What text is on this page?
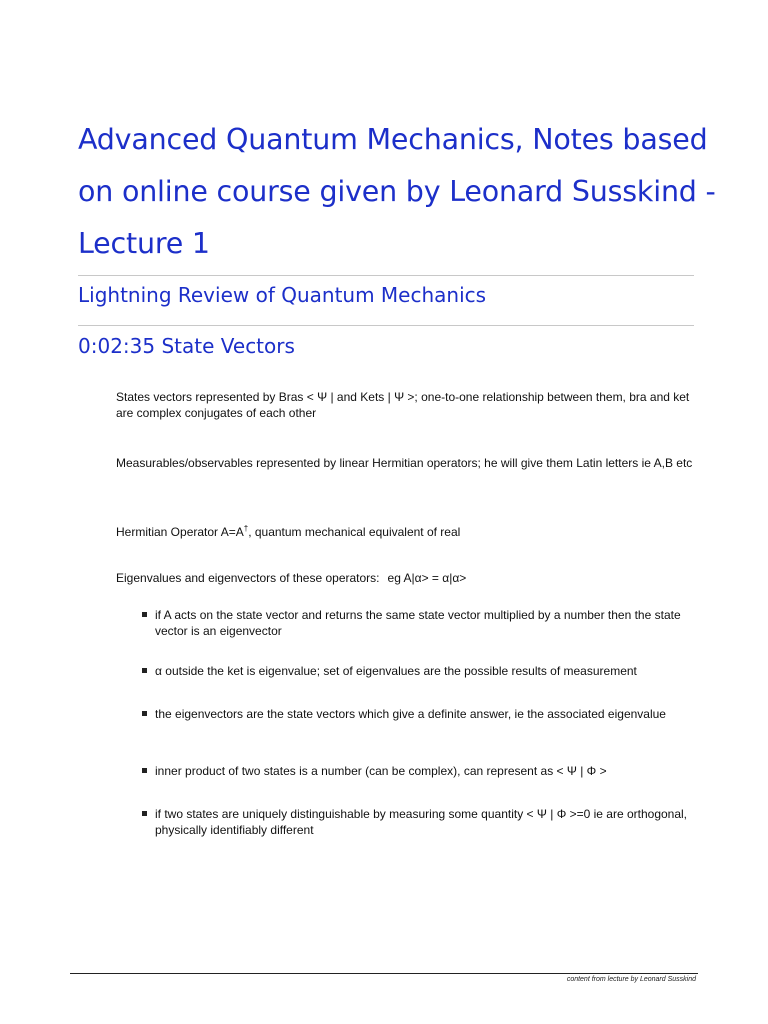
Advanced Quantum Mechanics, Notes based on online course given by Leonard Susskind - Lecture 1
Lightning Review of Quantum Mechanics
0:02:35 State Vectors

States vectors represented by Bras < Ψ | and Kets | Ψ >; one-to-one relationship between them, bra and ket are complex conjugates of each other

Measurables/observables represented by linear Hermitian operators; he will give them Latin letters ie A,B etc

Hermitian Operator A=A†, quantum mechanical equivalent of real

Eigenvalues and eigenvectors of these operators: eg A|α> = α|α>

if A acts on the state vector and returns the same state vector multiplied by a number then the state vector is an eigenvector
α outside the ket is eigenvalue; set of eigenvalues are the possible results of measurement
the eigenvectors are the state vectors which give a definite answer, ie the associated eigenvalue
inner product of two states is a number (can be complex), can represent as < Ψ | Φ >
if two states are uniquely distinguishable by measuring some quantity < Ψ | Φ >=0 ie are orthogonal, physically identifiably different
content from lecture by Leonard Susskind
